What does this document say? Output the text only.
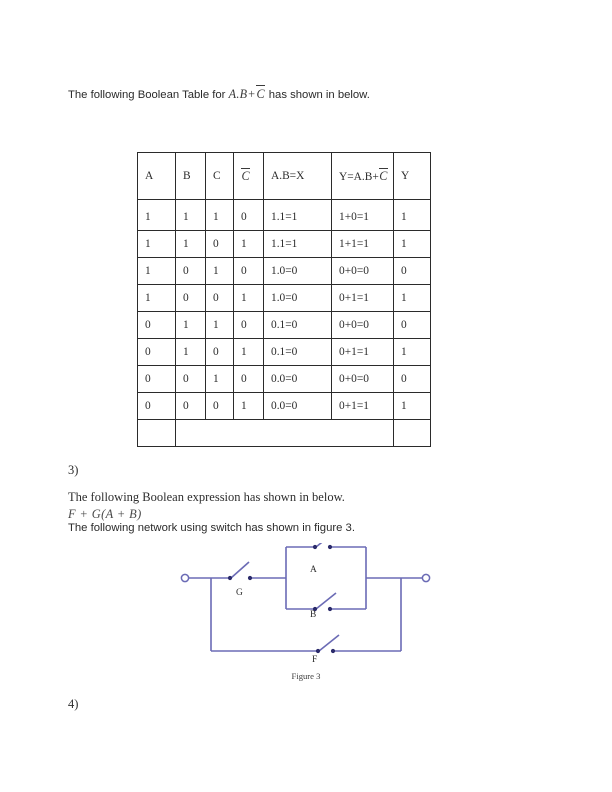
The following Boolean Table for A.B+C has shown in below.
A	B	C	C	A.B=X	Y=A.B+C	Y
1	1	1	0	1.1=1	1+0=1	1
1	1	0	1	1.1=1	1+1=1	1
1	0	1	0	1.0=0	0+0=0	0
1	0	0	1	1.0=0	0+1=1	1
0	1	1	0	0.1=0	0+0=0	0
0	1	0	1	0.1=0	0+1=1	1
0	0	1	0	0.0=0	0+0=0	0
0	0	0	1	0.0=0	0+1=1	1

3)
The following Boolean expression has shown in below.
F + G(A + B)
The following network using switch has shown in figure 3.
G
A
B
F
Figure 3
4)
